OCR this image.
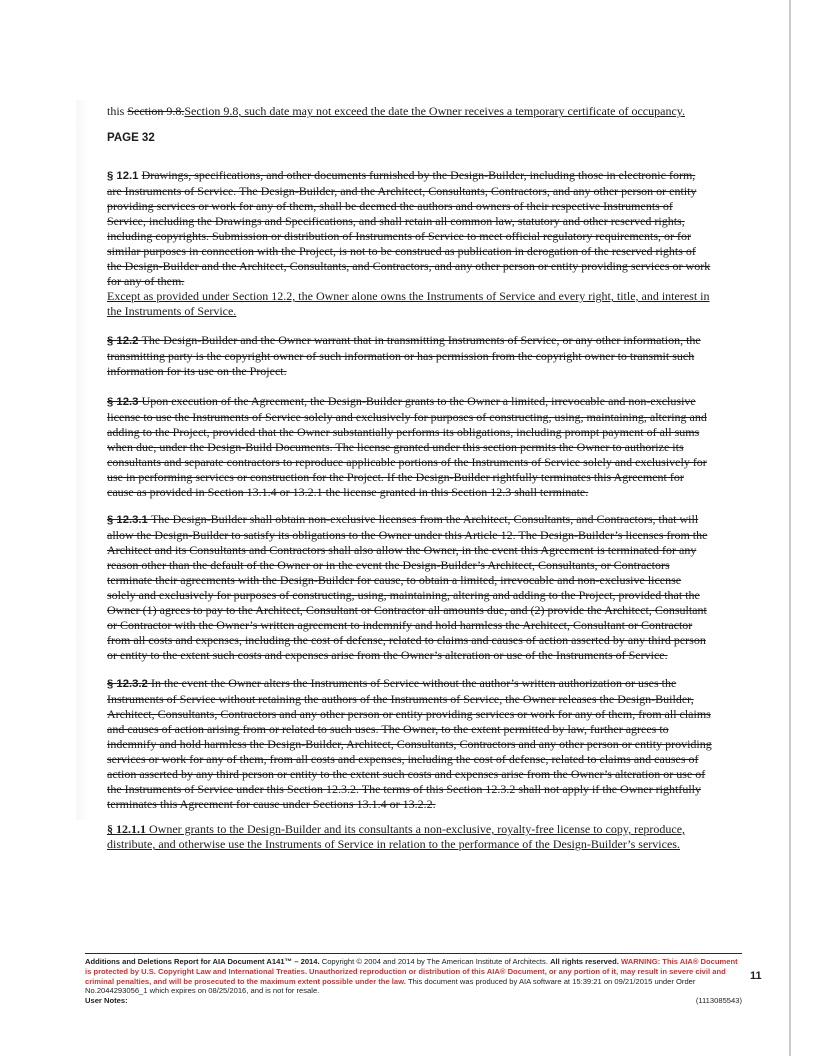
this Section 9.8.Section 9.8, such date may not exceed the date the Owner receives a temporary certificate of occupancy.

PAGE 32

§ 12.1 Drawings, specifications, and other documents furnished by the Design-Builder, including those in electronic form, are Instruments of Service. The Design-Builder, and the Architect, Consultants, Contractors, and any other person or entity providing services or work for any of them, shall be deemed the authors and owners of their respective Instruments of Service, including the Drawings and Specifications, and shall retain all common law, statutory and other reserved rights, including copyrights. Submission or distribution of Instruments of Service to meet official regulatory requirements, or for similar purposes in connection with the Project, is not to be construed as publication in derogation of the reserved rights of the Design-Builder and the Architect, Consultants, and Contractors, and any other person or entity providing services or work for any of them.
Except as provided under Section 12.2, the Owner alone owns the Instruments of Service and every right, title, and interest in the Instruments of Service.

§ 12.2 The Design-Builder and the Owner warrant that in transmitting Instruments of Service, or any other information, the transmitting party is the copyright owner of such information or has permission from the copyright owner to transmit such information for its use on the Project.

§ 12.3 Upon execution of the Agreement, the Design-Builder grants to the Owner a limited, irrevocable and non-exclusive license to use the Instruments of Service solely and exclusively for purposes of constructing, using, maintaining, altering and adding to the Project, provided that the Owner substantially performs its obligations, including prompt payment of all sums when due, under the Design-Build Documents. The license granted under this section permits the Owner to authorize its consultants and separate contractors to reproduce applicable portions of the Instruments of Service solely and exclusively for use in performing services or construction for the Project. If the Design-Builder rightfully terminates this Agreement for cause as provided in Section 13.1.4 or 13.2.1 the license granted in this Section 12.3 shall terminate.

§ 12.3.1 The Design-Builder shall obtain non-exclusive licenses from the Architect, Consultants, and Contractors, that will allow the Design-Builder to satisfy its obligations to the Owner under this Article 12. The Design-Builder’s licenses from the Architect and its Consultants and Contractors shall also allow the Owner, in the event this Agreement is terminated for any reason other than the default of the Owner or in the event the Design-Builder’s Architect, Consultants, or Contractors terminate their agreements with the Design-Builder for cause, to obtain a limited, irrevocable and non-exclusive license solely and exclusively for purposes of constructing, using, maintaining, altering and adding to the Project, provided that the Owner (1) agrees to pay to the Architect, Consultant or Contractor all amounts due, and (2) provide the Architect, Consultant or Contractor with the Owner’s written agreement to indemnify and hold harmless the Architect, Consultant or Contractor from all costs and expenses, including the cost of defense, related to claims and causes of action asserted by any third person or entity to the extent such costs and expenses arise from the Owner’s alteration or use of the Instruments of Service.

§ 12.3.2 In the event the Owner alters the Instruments of Service without the author’s written authorization or uses the Instruments of Service without retaining the authors of the Instruments of Service, the Owner releases the Design-Builder, Architect, Consultants, Contractors and any other person or entity providing services or work for any of them, from all claims and causes of action arising from or related to such uses. The Owner, to the extent permitted by law, further agrees to indemnify and hold harmless the Design-Builder, Architect, Consultants, Contractors and any other person or entity providing services or work for any of them, from all costs and expenses, including the cost of defense, related to claims and causes of action asserted by any third person or entity to the extent such costs and expenses arise from the Owner’s alteration or use of the Instruments of Service under this Section 12.3.2. The terms of this Section 12.3.2 shall not apply if the Owner rightfully terminates this Agreement for cause under Sections 13.1.4 or 13.2.2.

§ 12.1.1 Owner grants to the Design-Builder and its consultants a non-exclusive, royalty-free license to copy, reproduce, distribute, and otherwise use the Instruments of Service in relation to the performance of the Design-Builder’s services.

Additions and Deletions Report for AIA Document A141™ – 2014. Copyright © 2004 and 2014 by The American Institute of Architects. All rights reserved. WARNING: This AIA® Document is protected by U.S. Copyright Law and International Treaties. Unauthorized reproduction or distribution of this AIA® Document, or any portion of it, may result in severe civil and criminal penalties, and will be prosecuted to the maximum extent possible under the law. This document was produced by AIA software at 15:39:21 on 09/21/2015 under Order No.2044293056_1 which expires on 08/25/2016, and is not for resale.
User Notes:	(1113085543)
11
